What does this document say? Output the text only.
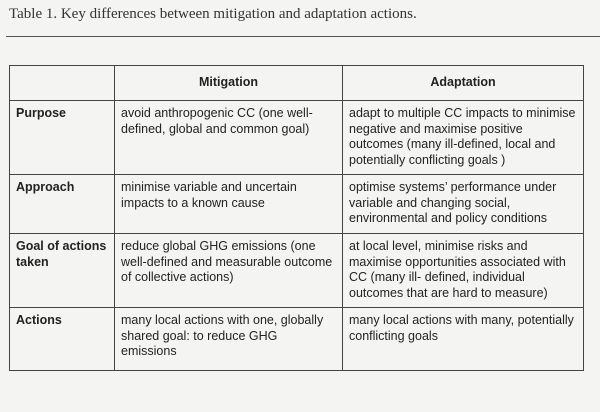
Table 1. Key differences between mitigation and adaptation actions.
	Mitigation	Adaptation
Purpose	avoid anthropogenic CC (one well-defined, global and common goal)	adapt to multiple CC impacts to minimise negative and maximise positive outcomes (many ill-defined, local and potentially conflicting goals )
Approach	minimise variable and uncertain impacts to a known cause	optimise systems’ performance under variable and changing social, environmental and policy conditions
Goal of actions taken	reduce global GHG emissions (one well-defined and measurable outcome of collective actions)	at local level, minimise risks and maximise opportunities associated with CC (many ill- defined, individual outcomes that are hard to measure)
Actions	many local actions with one, globally shared goal: to reduce GHG emissions	many local actions with many, potentially conflicting goals
